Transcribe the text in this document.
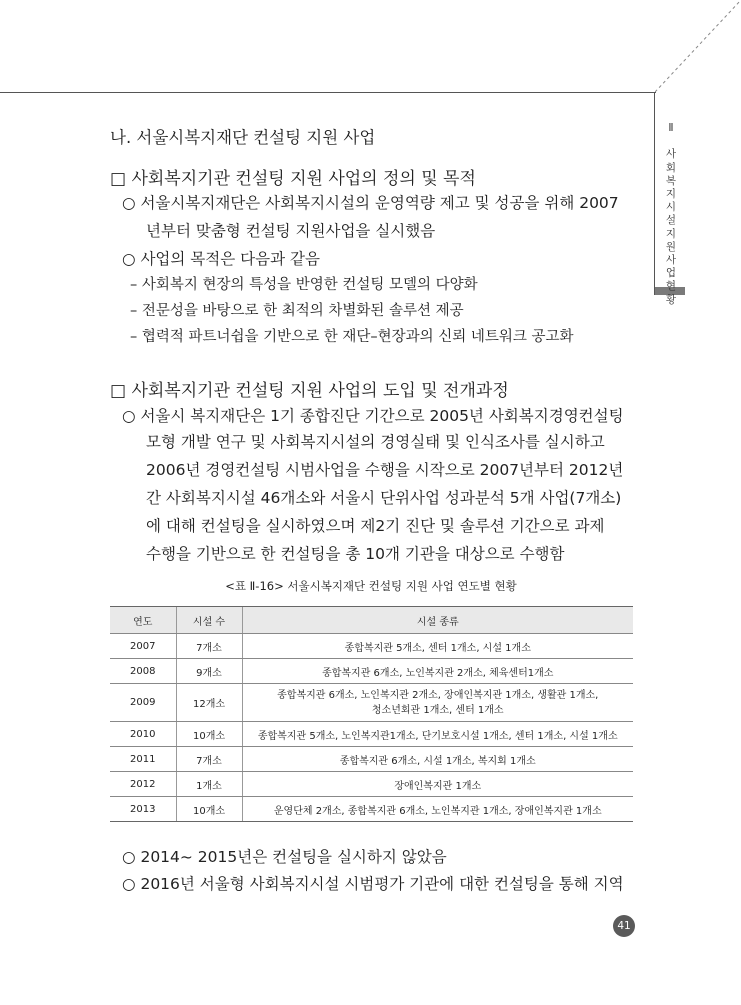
Ⅱ

사회복지시설 지원사업 현황
나. 서울시복지재단 컨설팅 지원 사업
□ 사회복지기관 컨설팅 지원 사업의 정의 및 목적
○ 서울시복지재단은 사회복지시설의 운영역량 제고 및 성공을 위해 2007
년부터 맞춤형 컨설팅 지원사업을 실시했음
○ 사업의 목적은 다음과 같음
– 사회복지 현장의 특성을 반영한 컨설팅 모델의 다양화
– 전문성을 바탕으로 한 최적의 차별화된 솔루션 제공
– 협력적 파트너쉽을 기반으로 한 재단–현장과의 신뢰 네트워크 공고화
□ 사회복지기관 컨설팅 지원 사업의 도입 및 전개과정
○ 서울시 복지재단은 1기 종합진단 기간으로 2005년 사회복지경영컨설팅
모형 개발 연구 및 사회복지시설의 경영실태 및 인식조사를 실시하고
2006년 경영컨설팅 시범사업을 수행을 시작으로 2007년부터 2012년
간 사회복지시설 46개소와 서울시 단위사업 성과분석 5개 사업(7개소)
에 대해 컨설팅을 실시하였으며 제2기 진단 및 솔루션 기간으로 과제
수행을 기반으로 한 컨설팅을 총 10개 기관을 대상으로 수행함
<표 Ⅱ-16> 서울시복지재단 컨설팅 지원 사업 연도별 현황
연도	시설 수	시설 종류
2007	7개소	종합복지관 5개소, 센터 1개소, 시설 1개소
2008	9개소	종합복지관 6개소, 노인복지관 2개소, 체육센터1개소
2009	12개소	종합복지관 6개소, 노인복지관 2개소, 장애인복지관 1개소, 생활관 1개소,
청소년회관 1개소, 센터 1개소
2010	10개소	종합복지관 5개소, 노인복지관1개소, 단기보호시설 1개소, 센터 1개소, 시설 1개소
2011	7개소	종합복지관 6개소, 시설 1개소, 복지회 1개소
2012	1개소	장애인복지관 1개소
2013	10개소	운영단체 2개소, 종합복지관 6개소, 노인복지관 1개소, 장애인복지관 1개소
○ 2014~ 2015년은 컨설팅을 실시하지 않았음
○ 2016년 서울형 사회복지시설 시범평가 기관에 대한 컨설팅을 통해 지역
41
